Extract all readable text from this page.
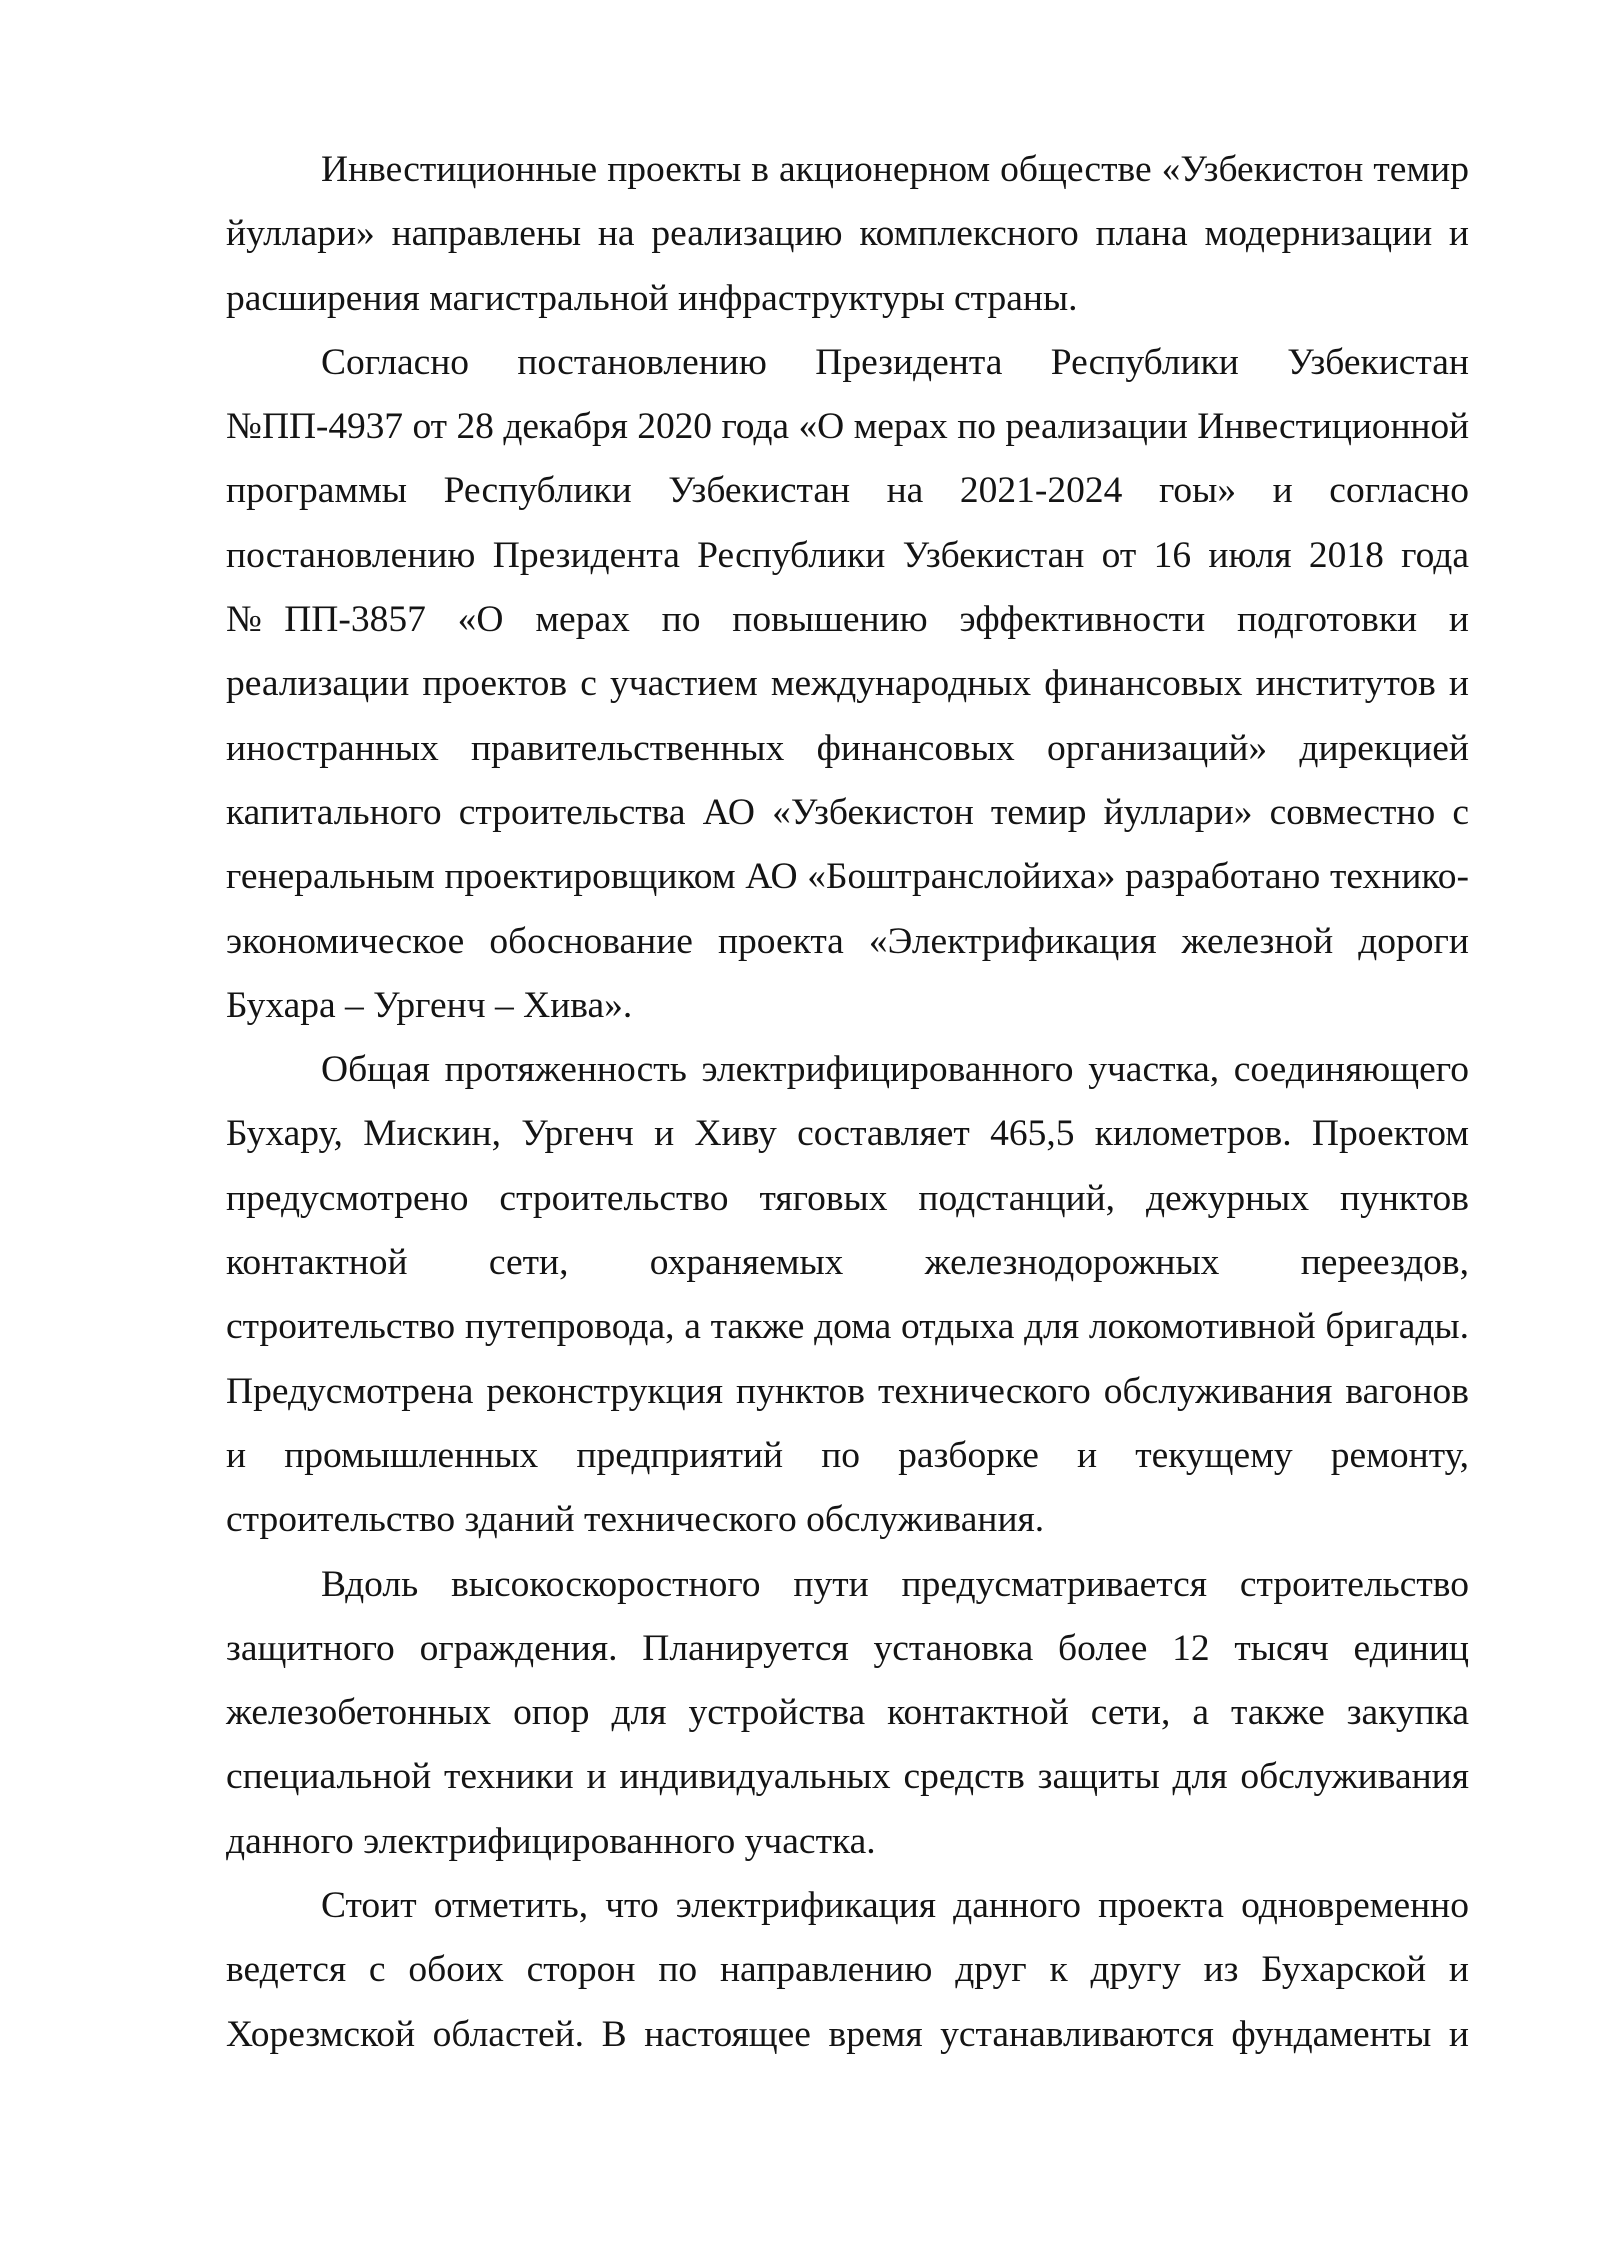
Инвестиционные проекты в акционерном обществе «Узбекистон темир
йуллари» направлены на реализацию комплексного плана модернизации и
расширения магистральной инфраструктуры страны.
Согласно постановлению Президента Республики Узбекистан
№ПП-4937 от 28 декабря 2020 года «О мерах по реализации Инвестиционной
программы Республики Узбекистан на 2021-2024 гоы» и согласно
постановлению Президента Республики Узбекистан от 16 июля 2018 года
№ПП-3857 «О мерах по повышению эффективности подготовки и
реализации проектов с участием международных финансовых институтов и
иностранных правительственных финансовых организаций» дирекцией
капитального строительства АО «Узбекистон темир йуллари» совместно с
генеральным проектировщиком АО «Боштранслойиха» разработано технико-
экономическое обоснование проекта «Электрификация железной дороги
Бухара – Ургенч – Хива».
Общая протяженность электрифицированного участка, соединяющего
Бухару, Мискин, Ургенч и Хиву составляет 465,5 километров. Проектом
предусмотрено строительство тяговых подстанций, дежурных пунктов
контактной сети, охраняемых железнодорожных переездов,
строительство путепровода, а также дома отдыха для локомотивной бригады.
Предусмотрена реконструкция пунктов технического обслуживания вагонов
и промышленных предприятий по разборке и текущему ремонту,
строительство зданий технического обслуживания.
Вдоль высокоскоростного пути предусматривается строительство
защитного ограждения. Планируется установка более 12 тысяч единиц
железобетонных опор для устройства контактной сети, а также закупка
специальной техники и индивидуальных средств защиты для обслуживания
данного электрифицированного участка.
Стоит отметить, что электрификация данного проекта одновременно
ведется с обоих сторон по направлению друг к другу из Бухарской и
Хорезмской областей. В настоящее время устанавливаются фундаменты и
